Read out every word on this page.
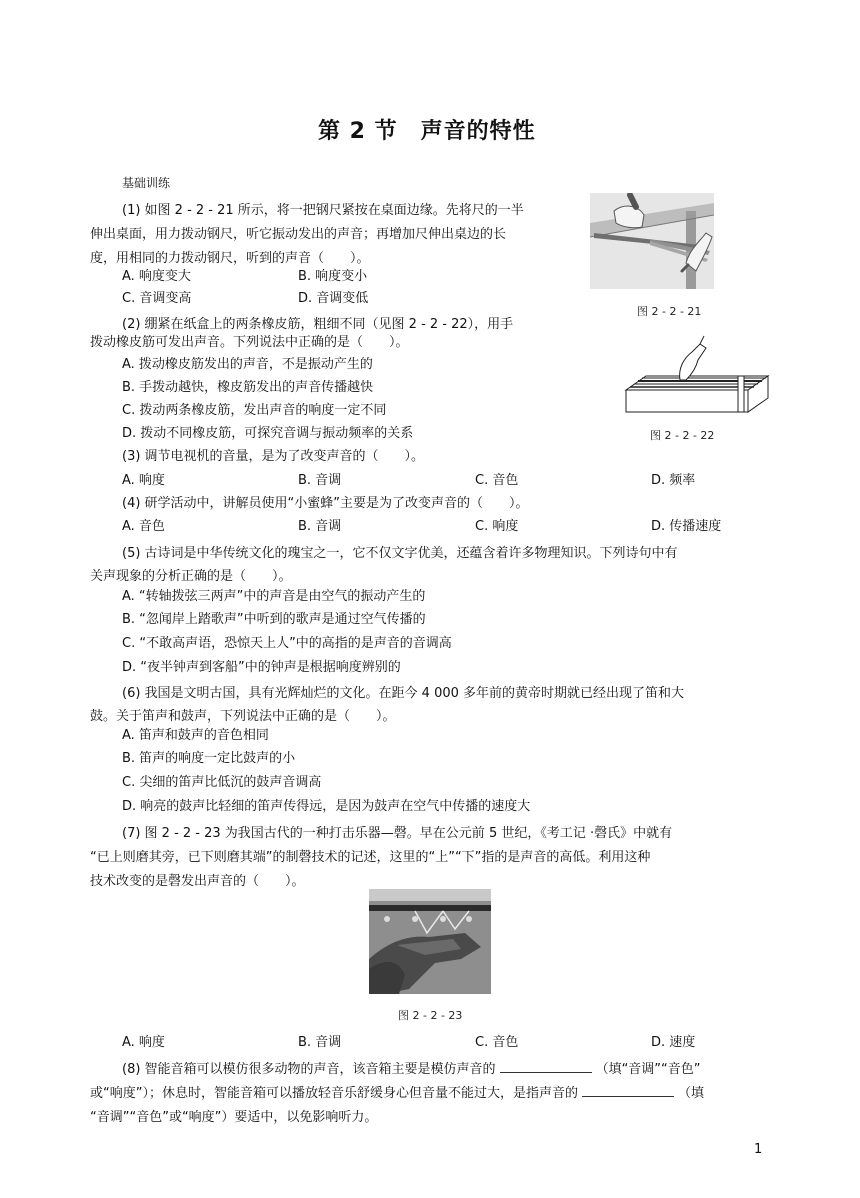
第 2 节　声音的特性
基础训练
(1) 如图 2 - 2 - 21 所示，将一把钢尺紧按在桌面边缘。先将尺的一半
伸出桌面，用力拨动钢尺，听它振动发出的声音；再增加尺伸出桌边的长
度，用相同的力拨动钢尺，听到的声音（　　）。
A. 响度变大	B. 响度变小
C. 音调变高	D. 音调变低
图 2 - 2 - 21
(2) 绷紧在纸盒上的两条橡皮筋，粗细不同（见图 2 - 2 - 22），用手
拨动橡皮筋可发出声音。下列说法中正确的是（　　）。
A. 拨动橡皮筋发出的声音，不是振动产生的
B. 手拨动越快，橡皮筋发出的声音传播越快
C. 拨动两条橡皮筋，发出声音的响度一定不同
D. 拨动不同橡皮筋，可探究音调与振动频率的关系	图 2 - 2 - 22
(3) 调节电视机的音量，是为了改变声音的（　　）。
A. 响度	B. 音调	C. 音色	D. 频率
(4) 研学活动中，讲解员使用“小蜜蜂”主要是为了改变声音的（　　）。
A. 音色	B. 音调	C. 响度	D. 传播速度
(5) 古诗词是中华传统文化的瑰宝之一，它不仅文字优美，还蕴含着许多物理知识。下列诗句中有
关声现象的分析正确的是（　　）。
A. “转轴拨弦三两声”中的声音是由空气的振动产生的
B. “忽闻岸上踏歌声”中听到的歌声是通过空气传播的
C. “不敢高声语，恐惊天上人”中的高指的是声音的音调高
D. “夜半钟声到客船”中的钟声是根据响度辨别的
(6) 我国是文明古国，具有光辉灿烂的文化。在距今 4 000 多年前的黄帝时期就已经出现了笛和大
鼓。关于笛声和鼓声，下列说法中正确的是（　　）。
A. 笛声和鼓声的音色相同
B. 笛声的响度一定比鼓声的小
C. 尖细的笛声比低沉的鼓声音调高
D. 响亮的鼓声比轻细的笛声传得远，是因为鼓声在空气中传播的速度大
(7) 图 2 - 2 - 23 为我国古代的一种打击乐器—磬。早在公元前 5 世纪，《考工记 ·磬氏》中就有
“已上则磨其旁，已下则磨其端”的制磬技术的记述，这里的“上”“下”指的是声音的高低。利用这种
技术改变的是磬发出声音的（　　）。
图 2 - 2 - 23
A. 响度	B. 音调	C. 音色	D. 速度
(8) 智能音箱可以模仿很多动物的声音，该音箱主要是模仿声音的	（填“音调”“音色”
或“响度”）；休息时，智能音箱可以播放轻音乐舒缓身心但音量不能过大，是指声音的	（填
“音调”“音色”或“响度”）要适中，以免影响听力。
1
